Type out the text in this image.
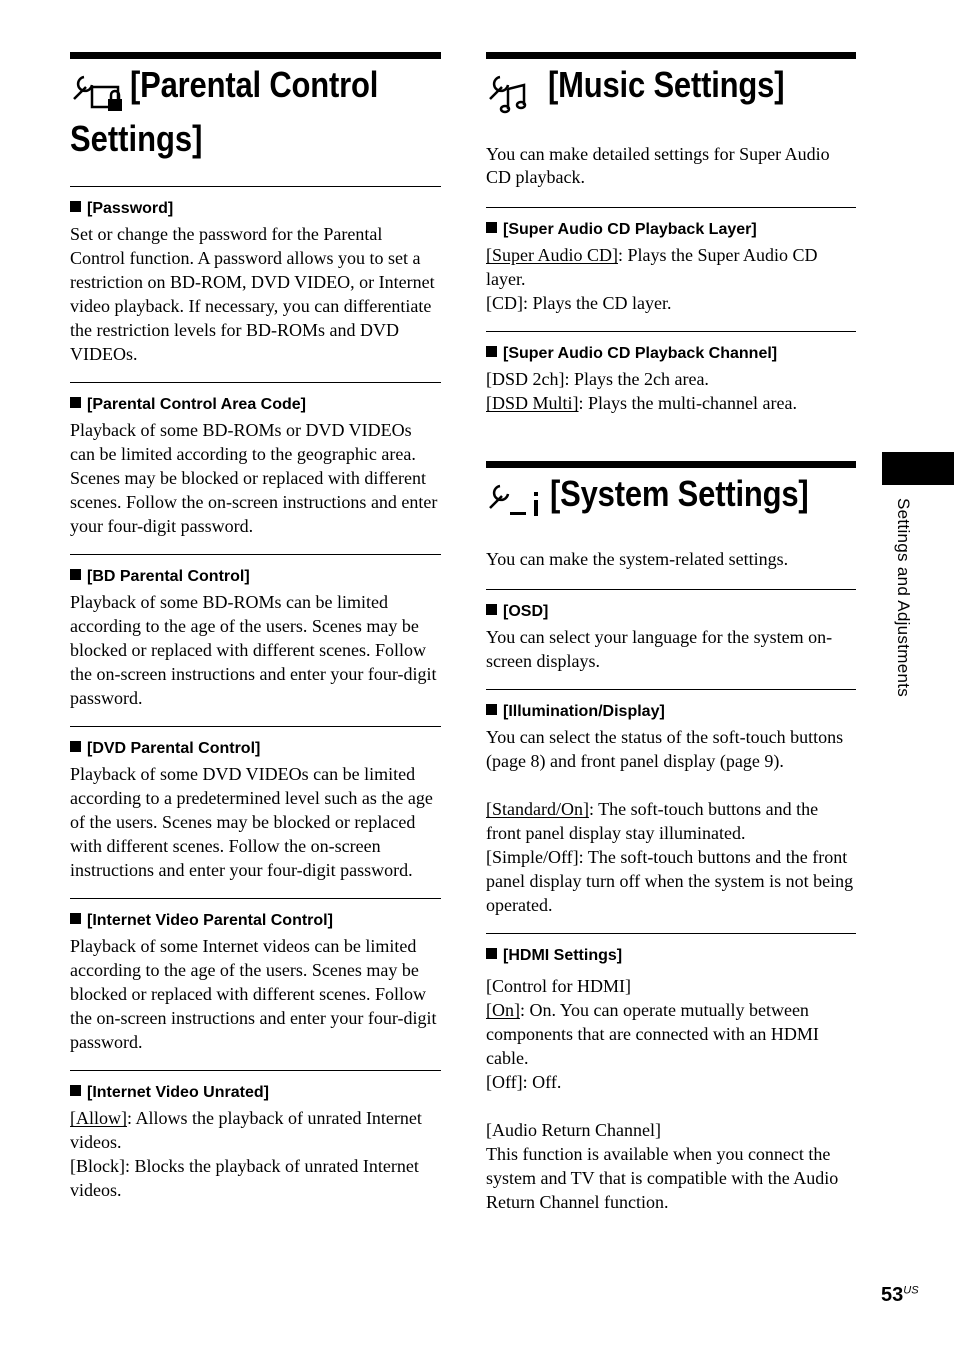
[Parental Control
Settings]
[Password]

Set or change the password for the Parental Control function. A password allows you to set a restriction on BD-ROM, DVD VIDEO, or Internet video playback. If necessary, you can differentiate the restriction levels for BD-ROMs and DVD VIDEOs.

[Parental Control Area Code]

Playback of some BD-ROMs or DVD VIDEOs can be limited according to the geographic area. Scenes may be blocked or replaced with different scenes. Follow the on-screen instructions and enter your four-digit password.

[BD Parental Control]

Playback of some BD-ROMs can be limited according to the age of the users. Scenes may be blocked or replaced with different scenes. Follow the on-screen instructions and enter your four-digit password.

[DVD Parental Control]

Playback of some DVD VIDEOs can be limited according to a predetermined level such as the age of the users. Scenes may be blocked or replaced with different scenes. Follow the on-screen instructions and enter your four-digit password.

[Internet Video Parental Control]

Playback of some Internet videos can be limited according to the age of the users. Scenes may be blocked or replaced with different scenes. Follow the on-screen instructions and enter your four-digit password.

[Internet Video Unrated]

[Allow]: Allows the playback of unrated Internet videos.

[Block]: Blocks the playback of unrated Internet videos.

[Music Settings]

You can make detailed settings for Super Audio CD playback.

[Super Audio CD Playback Layer]

[Super Audio CD]: Plays the Super Audio CD layer.

[CD]: Plays the CD layer.

[Super Audio CD Playback Channel]

[DSD 2ch]: Plays the 2ch area.

[DSD Multi]: Plays the multi-channel area.

[System Settings]

You can make the system-related settings.

[OSD]

You can select your language for the system on-screen displays.

[Illumination/Display]

You can select the status of the soft-touch buttons (page 8) and front panel display (page 9).

[Standard/On]: The soft-touch buttons and the front panel display stay illuminated.

[Simple/Off]: The soft-touch buttons and the front panel display turn off when the system is not being operated.

[HDMI Settings]

[Control for HDMI]

[On]: On. You can operate mutually between components that are connected with an HDMI cable.

[Off]: Off.

[Audio Return Channel]

This function is available when you connect the system and TV that is compatible with the Audio Return Channel function.

Settings and Adjustments
$53^{US}$
